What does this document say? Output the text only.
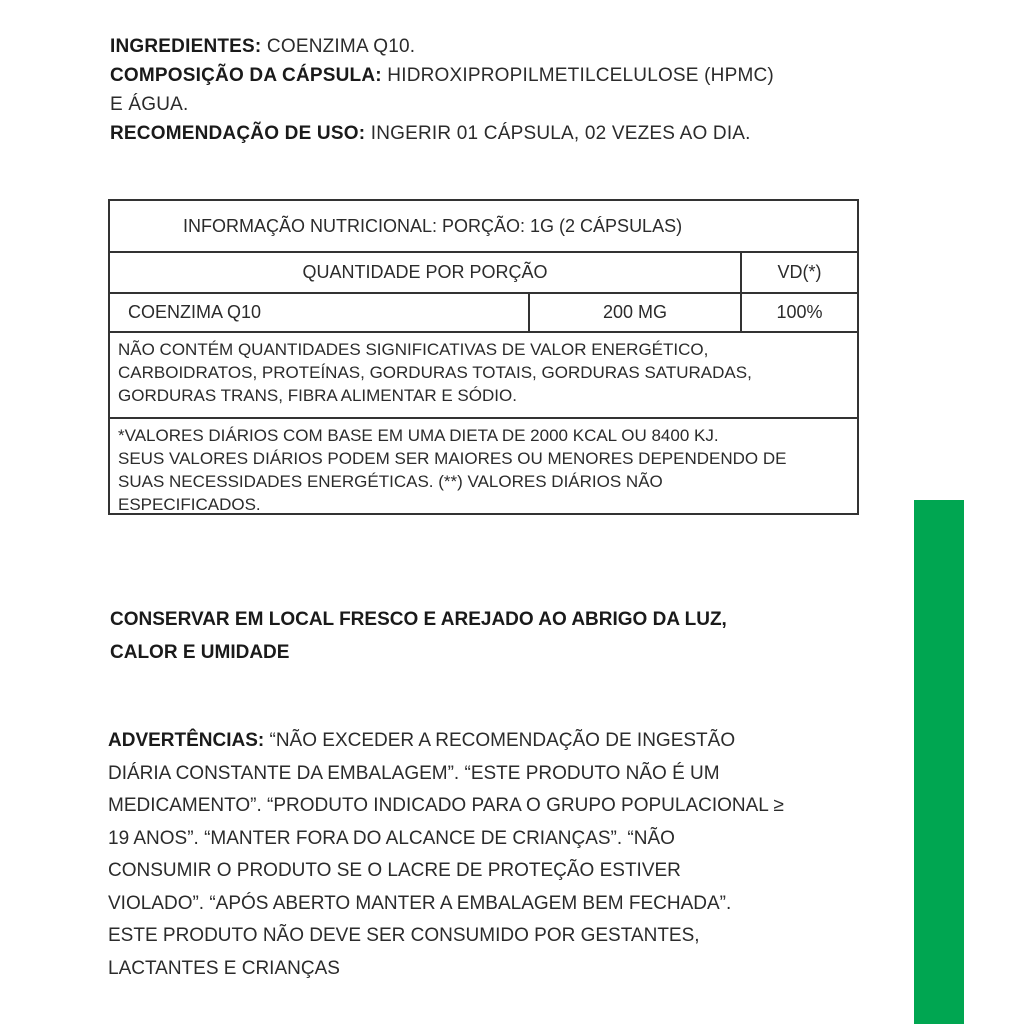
INGREDIENTES: COENZIMA Q10.

COMPOSIÇÃO DA CÁPSULA: HIDROXIPROPILMETILCELULOSE (HPMC)

E ÁGUA.

RECOMENDAÇÃO DE USO: INGERIR 01 CÁPSULA, 02 VEZES AO DIA.

INFORMAÇÃO NUTRICIONAL: PORÇÃO: 1G (2 CÁPSULAS)
QUANTIDADE POR PORÇÃO	VD(*)
COENZIMA Q10	200 MG	100%
NÃO CONTÉM QUANTIDADES SIGNIFICATIVAS DE VALOR ENERGÉTICO,
CARBOIDRATOS, PROTEÍNAS, GORDURAS TOTAIS, GORDURAS SATURADAS,
GORDURAS TRANS, FIBRA ALIMENTAR E SÓDIO.
*VALORES DIÁRIOS COM BASE EM UMA DIETA DE 2000 KCAL OU 8400 KJ.
SEUS VALORES DIÁRIOS PODEM SER MAIORES OU MENORES DEPENDENDO DE
SUAS NECESSIDADES ENERGÉTICAS. (**) VALORES DIÁRIOS NÃO
ESPECIFICADOS.
CONSERVAR EM LOCAL FRESCO E AREJADO AO ABRIGO DA LUZ,
CALOR E UMIDADE
ADVERTÊNCIAS: “NÃO EXCEDER A RECOMENDAÇÃO DE INGESTÃO
DIÁRIA CONSTANTE DA EMBALAGEM”. “ESTE PRODUTO NÃO É UM
MEDICAMENTO”. “PRODUTO INDICADO PARA O GRUPO POPULACIONAL ≥
19 ANOS”. “MANTER FORA DO ALCANCE DE CRIANÇAS”. “NÃO
CONSUMIR O PRODUTO SE O LACRE DE PROTEÇÃO ESTIVER
VIOLADO”. “APÓS ABERTO MANTER A EMBALAGEM BEM FECHADA”.
ESTE PRODUTO NÃO DEVE SER CONSUMIDO POR GESTANTES,
LACTANTES E CRIANÇAS
